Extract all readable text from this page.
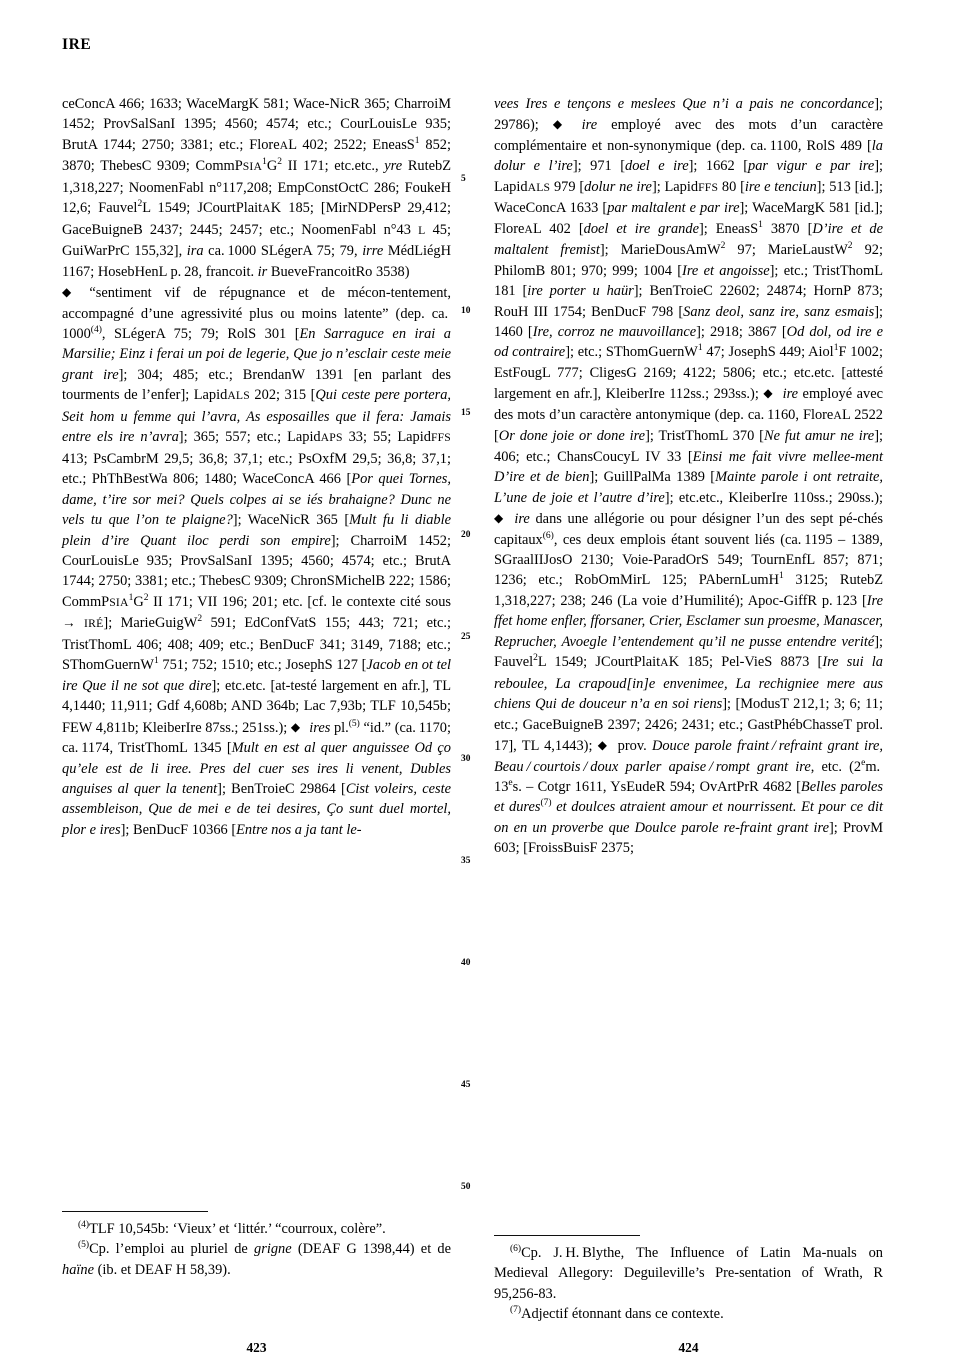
IRE

ceConcA 466; 1633; WaceMargK 581; Wace‑NicR 365; CharroiM 1452; ProvSalSanI 1395; 4560; 4574; etc.; CourLouisLe 935; BrutA 1744; 2750; 3381; etc.; FloreAL 402; 2522; EneasS$^1$ 852; 3870; ThebesC 9309; $CommPSIA^1G^2$ II 171; etc.etc., yre RutebZ 1,318,227; NoomenFabl n°117,208; EmpConstOctC 286; FoukeH 12,6; Fauvel$^2$L 1549; JCourtPlaitAK 185; [MirNDPersP 29,412; GaceBuigneB 2437; 2445; 2457; etc.; NoomenFabl n°43 L 45; GuiWarPrC 155,32], ira ca. 1000 SLégerA 75; 79, irre MédLiégH 1167; HosebHenL p. 28, francoit. ir BueveFrancoitRo 3538)

◆ “sentiment vif de répugnance et de mécon‑tentement, accompagné d’une agressivité plus ou moins latente” (dep. ca. 1000$^{(4)}$, SLégerA 75; 79; RolS 301 [En Sarraguce en irai a Marsilie; Einz i ferai un poi de legerie, Que jo n’esclair ceste meie grant ire]; 304; 485; etc.; BrendanW 1391 [en parlant des tourments de l’enfer]; LapidALS 202; 315 [Qui ceste pere portera, Seit hom u femme qui l’avra, As esposailles que il fera: Jamais entre els ire n’avra]; 365; 557; etc.; LapidAPS 33; 55; LapidFFS 413; PsCambrM 29,5; 36,8; 37,1; etc.; PsOxfM 29,5; 36,8; 37,1; etc.; PhThBestWa 806; 1480; WaceConcA 466 [Por quei Tornes, dame, t’ire sor mei? Quels colpes ai se iés brahaigne? Dunc ne vels tu que l’on te plaigne?]; WaceNicR 365 [Mult fu li diable plein d’ire Quant iloc perdi son empire]; CharroiM 1452; CourLouisLe 935; ProvSalSanI 1395; 4560; 4574; etc.; BrutA 1744; 2750; 3381; etc.; ThebesC 9309; ChronSMichelB 222; 1586; $CommPSIA^1G^2$ II 171; VII 196; 201; etc. [cf. le contexte cité sous → IRÉ]; MarieGuigW$^2$ 591; EdConfVatS 155; 443; 721; etc.; TristThomL 406; 408; 409; etc.; BenDucF 341; 3149, 7188; etc.; SThomGuernW$^1$ 751; 752; 1510; etc.; JosephS 127 [Jacob en ot tel ire Que il ne sot que dire]; etc.etc. [at‑testé largement en afr.], TL 4,1440; 11,911; Gdf 4,608b; AND 364b; Lac 7,93b; TLF 10,545b; FEW 4,811b; KleiberIre 87ss.; 251ss.); ◆  ires pl.$^{(5)}$ “id.” (ca. 1170; ca. 1174, TristThomL 1345 [Mult en est al quer anguissee Od ço qu’ele est de li iree. Pres del cuer ses ires li venent, Dubles anguises al quer la tenent]; BenTroieC 29864 [Cist voleirs, ceste assembleison, Que de mei e de tei desires, Ço sunt duel mortel, plor e ires]; BenDucF 10366 [Entre nos a ja tant le-

vees Ires e tençons e meslees Que n’i a pais ne concordance]; 29786); ◆  ire employé avec des mots d’un caractère complémentaire et non‑synonymique (dep. ca. 1100, RolS 489 [la dolur e l’ire]; 971 [doel e ire]; 1662 [par vigur e par ire]; LapidALS 979 [dolur ne ire]; LapidFFS 80 [ire e tenciun]; 513 [id.]; WaceConcA 1633 [par maltalent e par ire]; WaceMargK 581 [id.]; FloreAL 402 [doel et ire grande]; EneasS$^1$ 3870 [D’ire et de maltalent fremist]; MarieDousAmW$^2$ 97; MarieLaustW$^2$ 92; PhilomB 801; 970; 999; 1004 [Ire et angoisse]; etc.; TristThomL 181 [ire porter u haür]; BenTroieC 22602; 24874; HornP 873; RouH III 1754; BenDucF 798 [Sanz deol, sanz ire, sanz esmais]; 1460 [Ire, corroz ne mauvoillance]; 2918; 3867 [Od dol, od ire e od contraire]; etc.; SThomGuernW$^1$ 47; JosephS 449; Aiol$^1$F 1002; EstFougL 777; CligesG 2169; 4122; 5806; etc.; etc.etc. [attesté largement en afr.], KleiberIre 112ss.; 293ss.); ◆  ire employé avec des mots d’un caractère antonymique (dep. ca. 1160, FloreAL 2522 [Or done joie or done ire]; TristThomL 370 [Ne fut amur ne ire]; 406; etc.; ChansCoucyL IV 33 [Einsi me fait vivre mellee‑ment D’ire et de bien]; GuillPalMa 1389 [Mainte parole i ont retraite, L’une de joie et l’autre d’ire]; etc.etc., KleiberIre 110ss.; 290ss.); ◆  ire dans une allégorie ou pour désigner l’un des sept pé‑chés capitaux$^{(6)}$, ces deux emplois étant souvent liés (ca. 1195 – 1389, SGraalIIJosO 2130; Voie‑ParadOrS 549; TournEnfL 857; 871; 1236; etc.; RobOmMirL 125; PAbernLumH$^1$ 3125; RutebZ 1,318,227; 238; 246 (La voie d’Humilité); Apoc‑GiffR p. 123 [Ire ffet home enfler, fforsaner, Crier, Esclamer sun proesme, Manascer, Reprucher, Avoegle l’entendement qu’il ne pusse entendre verité]; Fauvel$^2$L 1549; JCourtPlaitAK 185; Pel‑VieS 8873 [Ire sui la reboulee, La crapoud[in]e envenimee, La rechigniee mere aus chiens Qui de douceur n’a en soi riens]; [ModusT 212,1; 3; 6; 11; etc.; GaceBuigneB 2397; 2426; 2431; etc.; GastPhébChasseT prol. 17], TL 4,1443); ◆ prov. Douce parole fraint / refraint grant ire, Beau / courtois / doux parler apaise / rompt grant ire, etc. (2em. 13es. – Cotgr 1611, YsEudeR 594; OvArtPrR 4682 [Belles paroles et dures$^{(7)}$ et doulces atraient amour et nourrissent. Et pour ce dit on en un proverbe que Doulce parole re‑fraint grant ire]; ProvM 603; [FroissBuisF 2375;

5
10
15
20
25
30
35
40
45
50

$^{(4)}$TLF 10,545b: ‘Vieux’ et ‘littér.’ “courroux, colère”.

$^{(5)}$Cp. l’emploi au pluriel de grigne (DEAF G 1398,44) et de haïne (ib. et DEAF H 58,39).

$^{(6)}$Cp. J. H. Blythe, The Influence of Latin Ma‑nuals on Medieval Allegory: Deguileville’s Pre‑sentation of Wrath, R 95,256-83.

$^{(7)}$Adjectif étonnant dans ce contexte.

423	424
